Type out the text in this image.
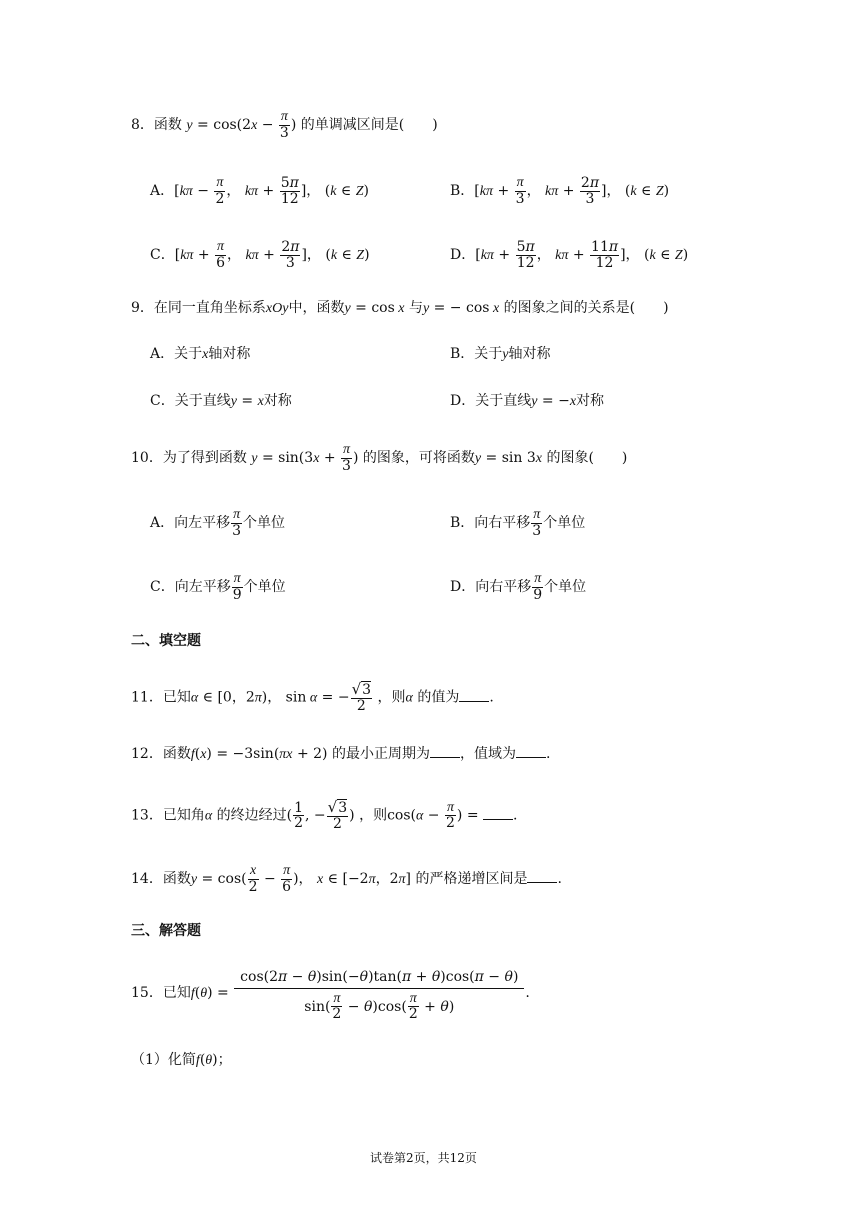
8．函数 $y = \cos(2x - \frac{\pi}{3}$ ) 的单调减区间是(   )
A．[$k\pi - \frac{\pi}{2}$ ， $k\pi + \frac{5\pi}{12}$ ]， (k ∈ Z)	B．[$k\pi + \frac{\pi}{3}$ ， $k\pi + \frac{2\pi}{3}$ ]， (k ∈ Z)
C．[$k\pi + \frac{\pi}{6}$ ， $k\pi + \frac{2\pi}{3}$ ]， (k ∈ Z)	D．[$k\pi + \frac{5\pi}{12}$ ， $k\pi + \frac{11\pi}{12}$ ]， (k ∈ Z)
9．在同一直角坐标系xOy中，函数y = cos x 与y = − cos x 的图象之间的关系是(   )
A．关于x轴对称	B．关于y轴对称
C．关于直线y = x对称	D．关于直线y = −x对称
10．为了得到函数 $y = \sin(3x + \frac{\pi}{3}$ ) 的图象，可将函数y = sin 3x 的图象(   )
A．向左平移 $\frac{\pi}{3}$ 个单位	B．向右平移 $\frac{\pi}{3}$ 个单位
C．向左平移 $\frac{\pi}{9}$ 个单位	D．向右平移 $\frac{\pi}{9}$ 个单位
二、填空题
11．已知α ∈ [0，2π)， sin α = − $\frac{√3}{2}$ ，则α 的值为 .
12．函数f(x) = −3sin(πx + 2) 的最小正周期为 ，值域为 .
13．已知角α 的终边经过( $\frac{1}{2}$ , − $\frac{√3}{2}$ ) ，则$\cos(\alpha - \frac{\pi}{2}$ ) = .
14．函数$y = \cos( \frac{x}{2} - \frac{\pi}{6}$ )， x ∈ [−2π，2π] 的严格递增区间是 .
三、解答题
15．已知$f(\theta) = \frac{\cos(2\pi - \theta)\sin(-\theta)\tan(\pi + \theta)\cos(\pi - \theta)}{\sin( \frac{\pi}{2} - \theta)\cos( \frac{\pi}{2} + \theta)}$ .
（1）化简f(θ)；
试卷第2页，共12页
